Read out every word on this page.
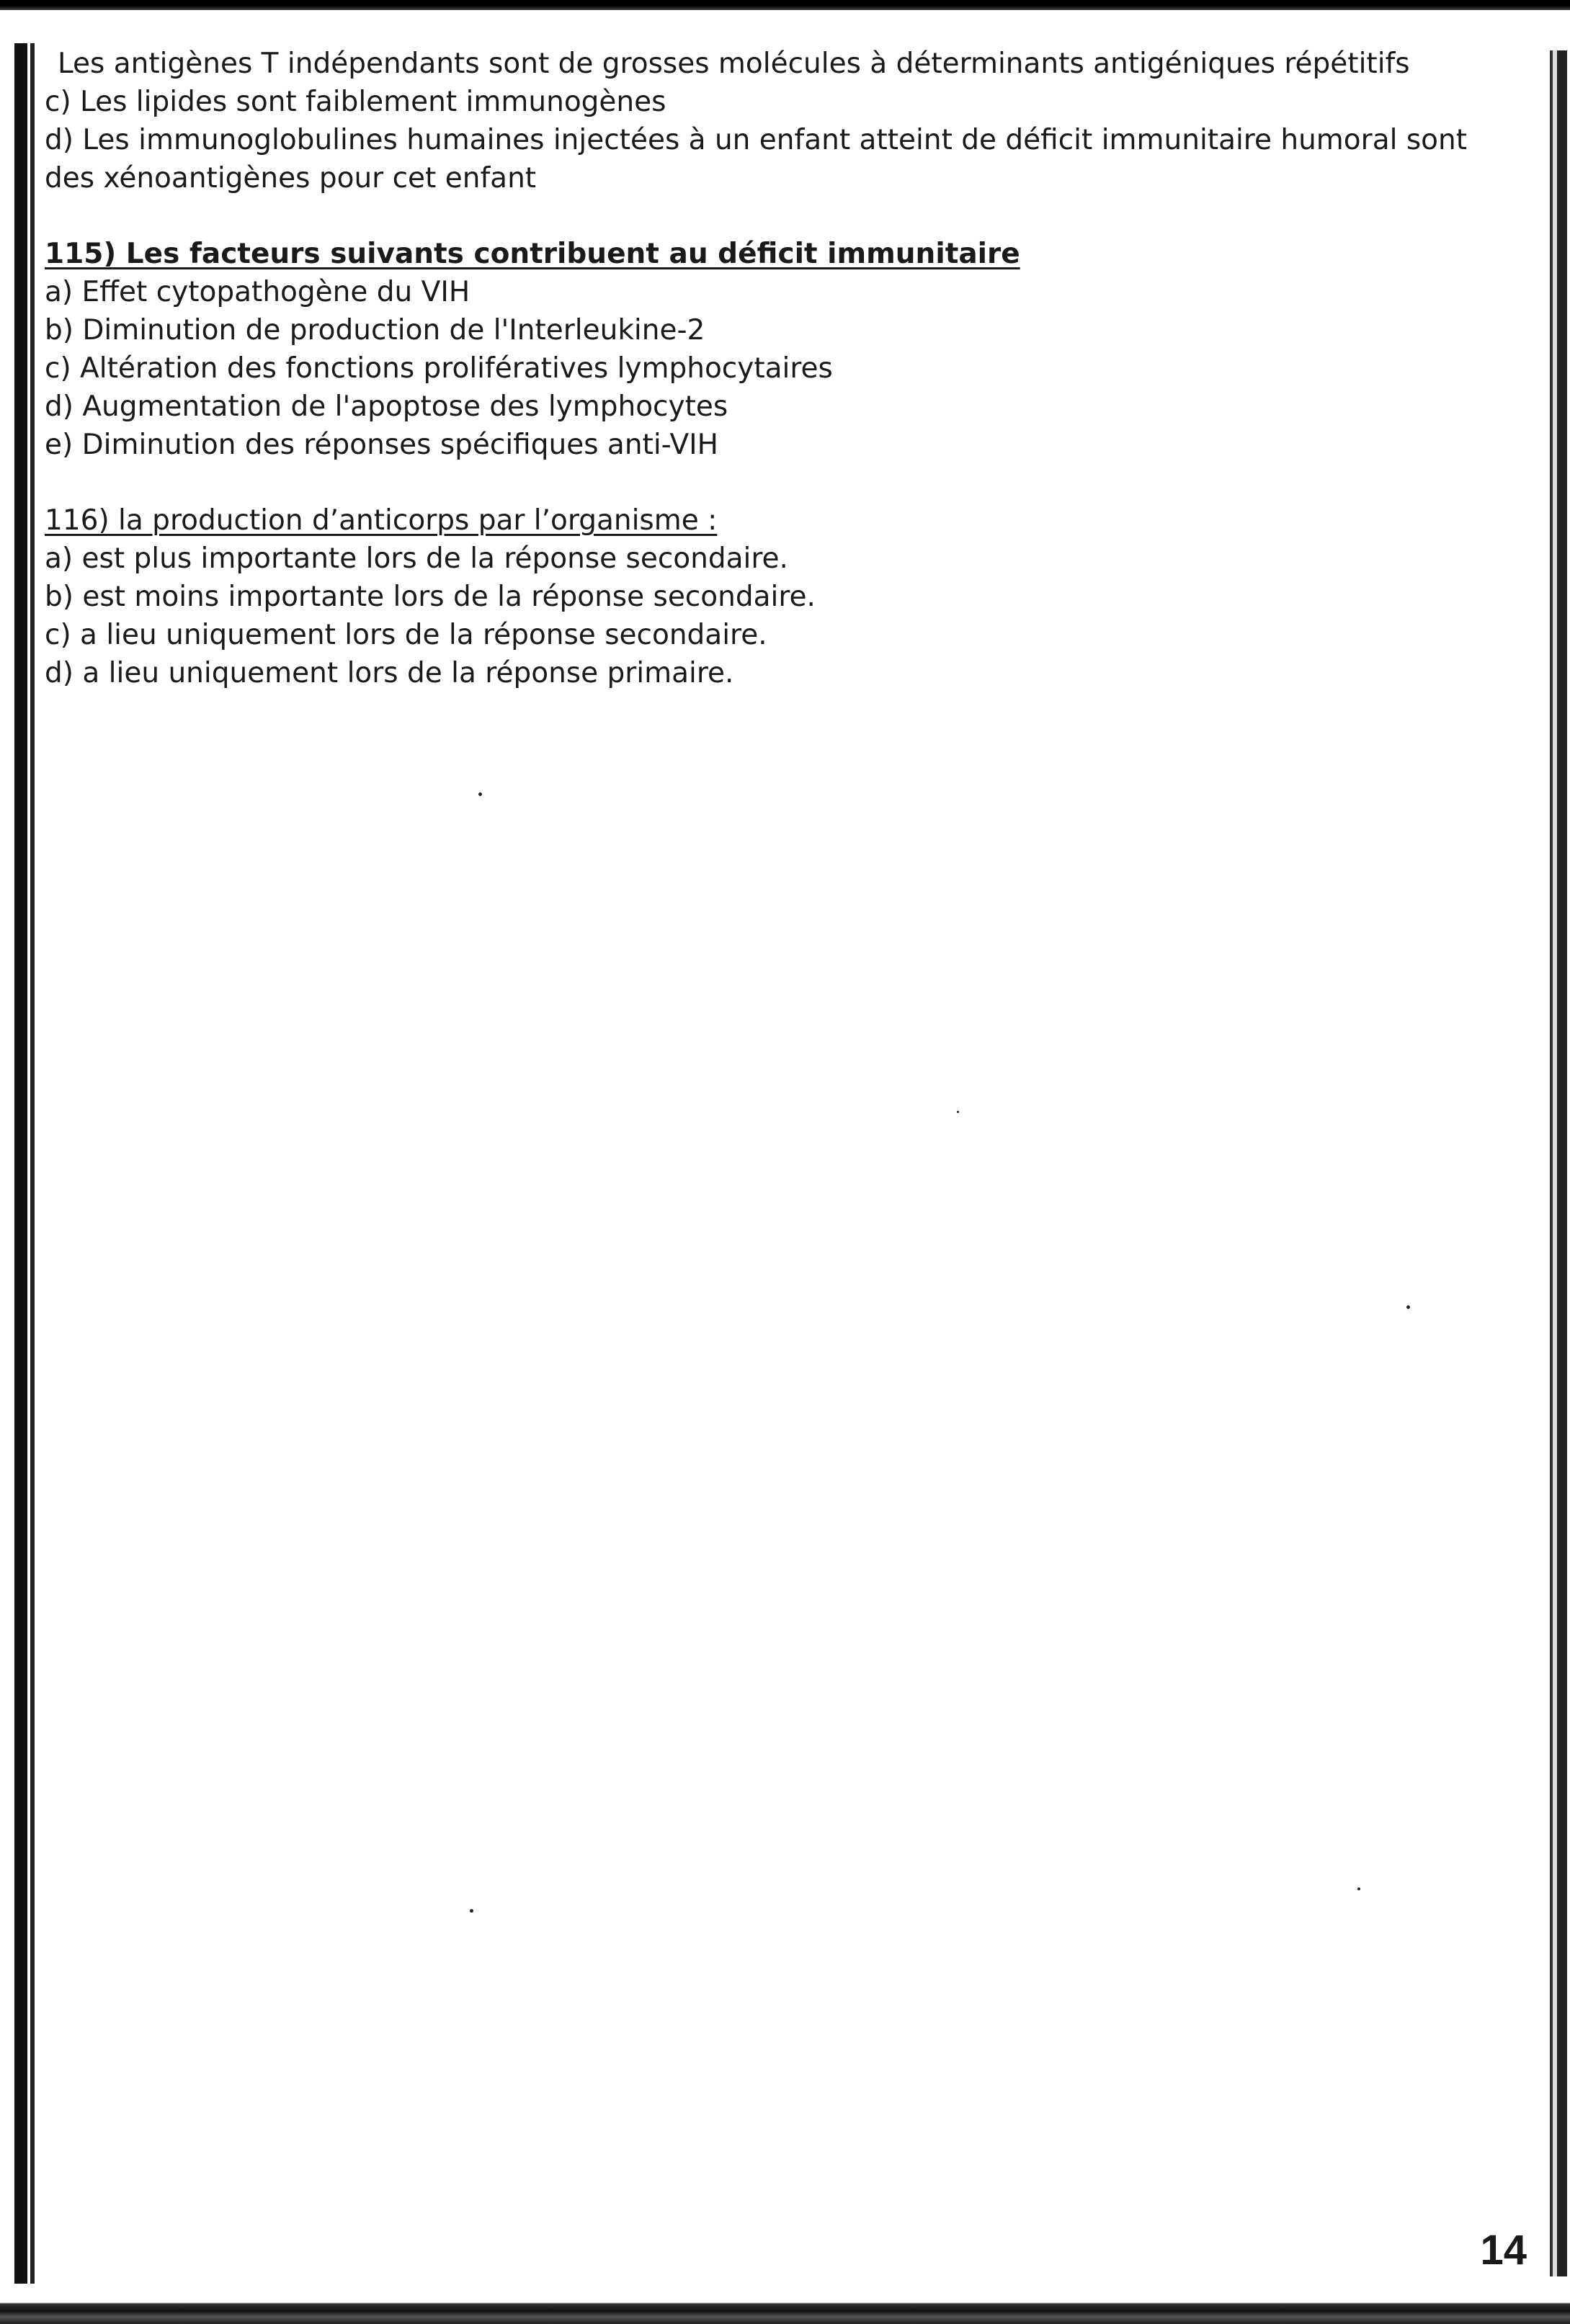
Les antigènes T indépendants sont de grosses molécules à déterminants antigéniques répétitifs
c) Les lipides sont faiblement immunogènes
d) Les immunoglobulines humaines injectées à un enfant atteint de déficit immunitaire humoral sont
des xénoantigènes pour cet enfant
115) Les facteurs suivants contribuent au déficit immunitaire
a) Effet cytopathogène du VIH
b) Diminution de production de l'Interleukine-2
c) Altération des fonctions prolifératives lymphocytaires
d) Augmentation de l'apoptose des lymphocytes
e) Diminution des réponses spécifiques anti-VIH
116) la production d’anticorps par l’organisme :
a) est plus importante lors de la réponse secondaire.
b) est moins importante lors de la réponse secondaire.
c) a lieu uniquement lors de la réponse secondaire.
d) a lieu uniquement lors de la réponse primaire.
14
